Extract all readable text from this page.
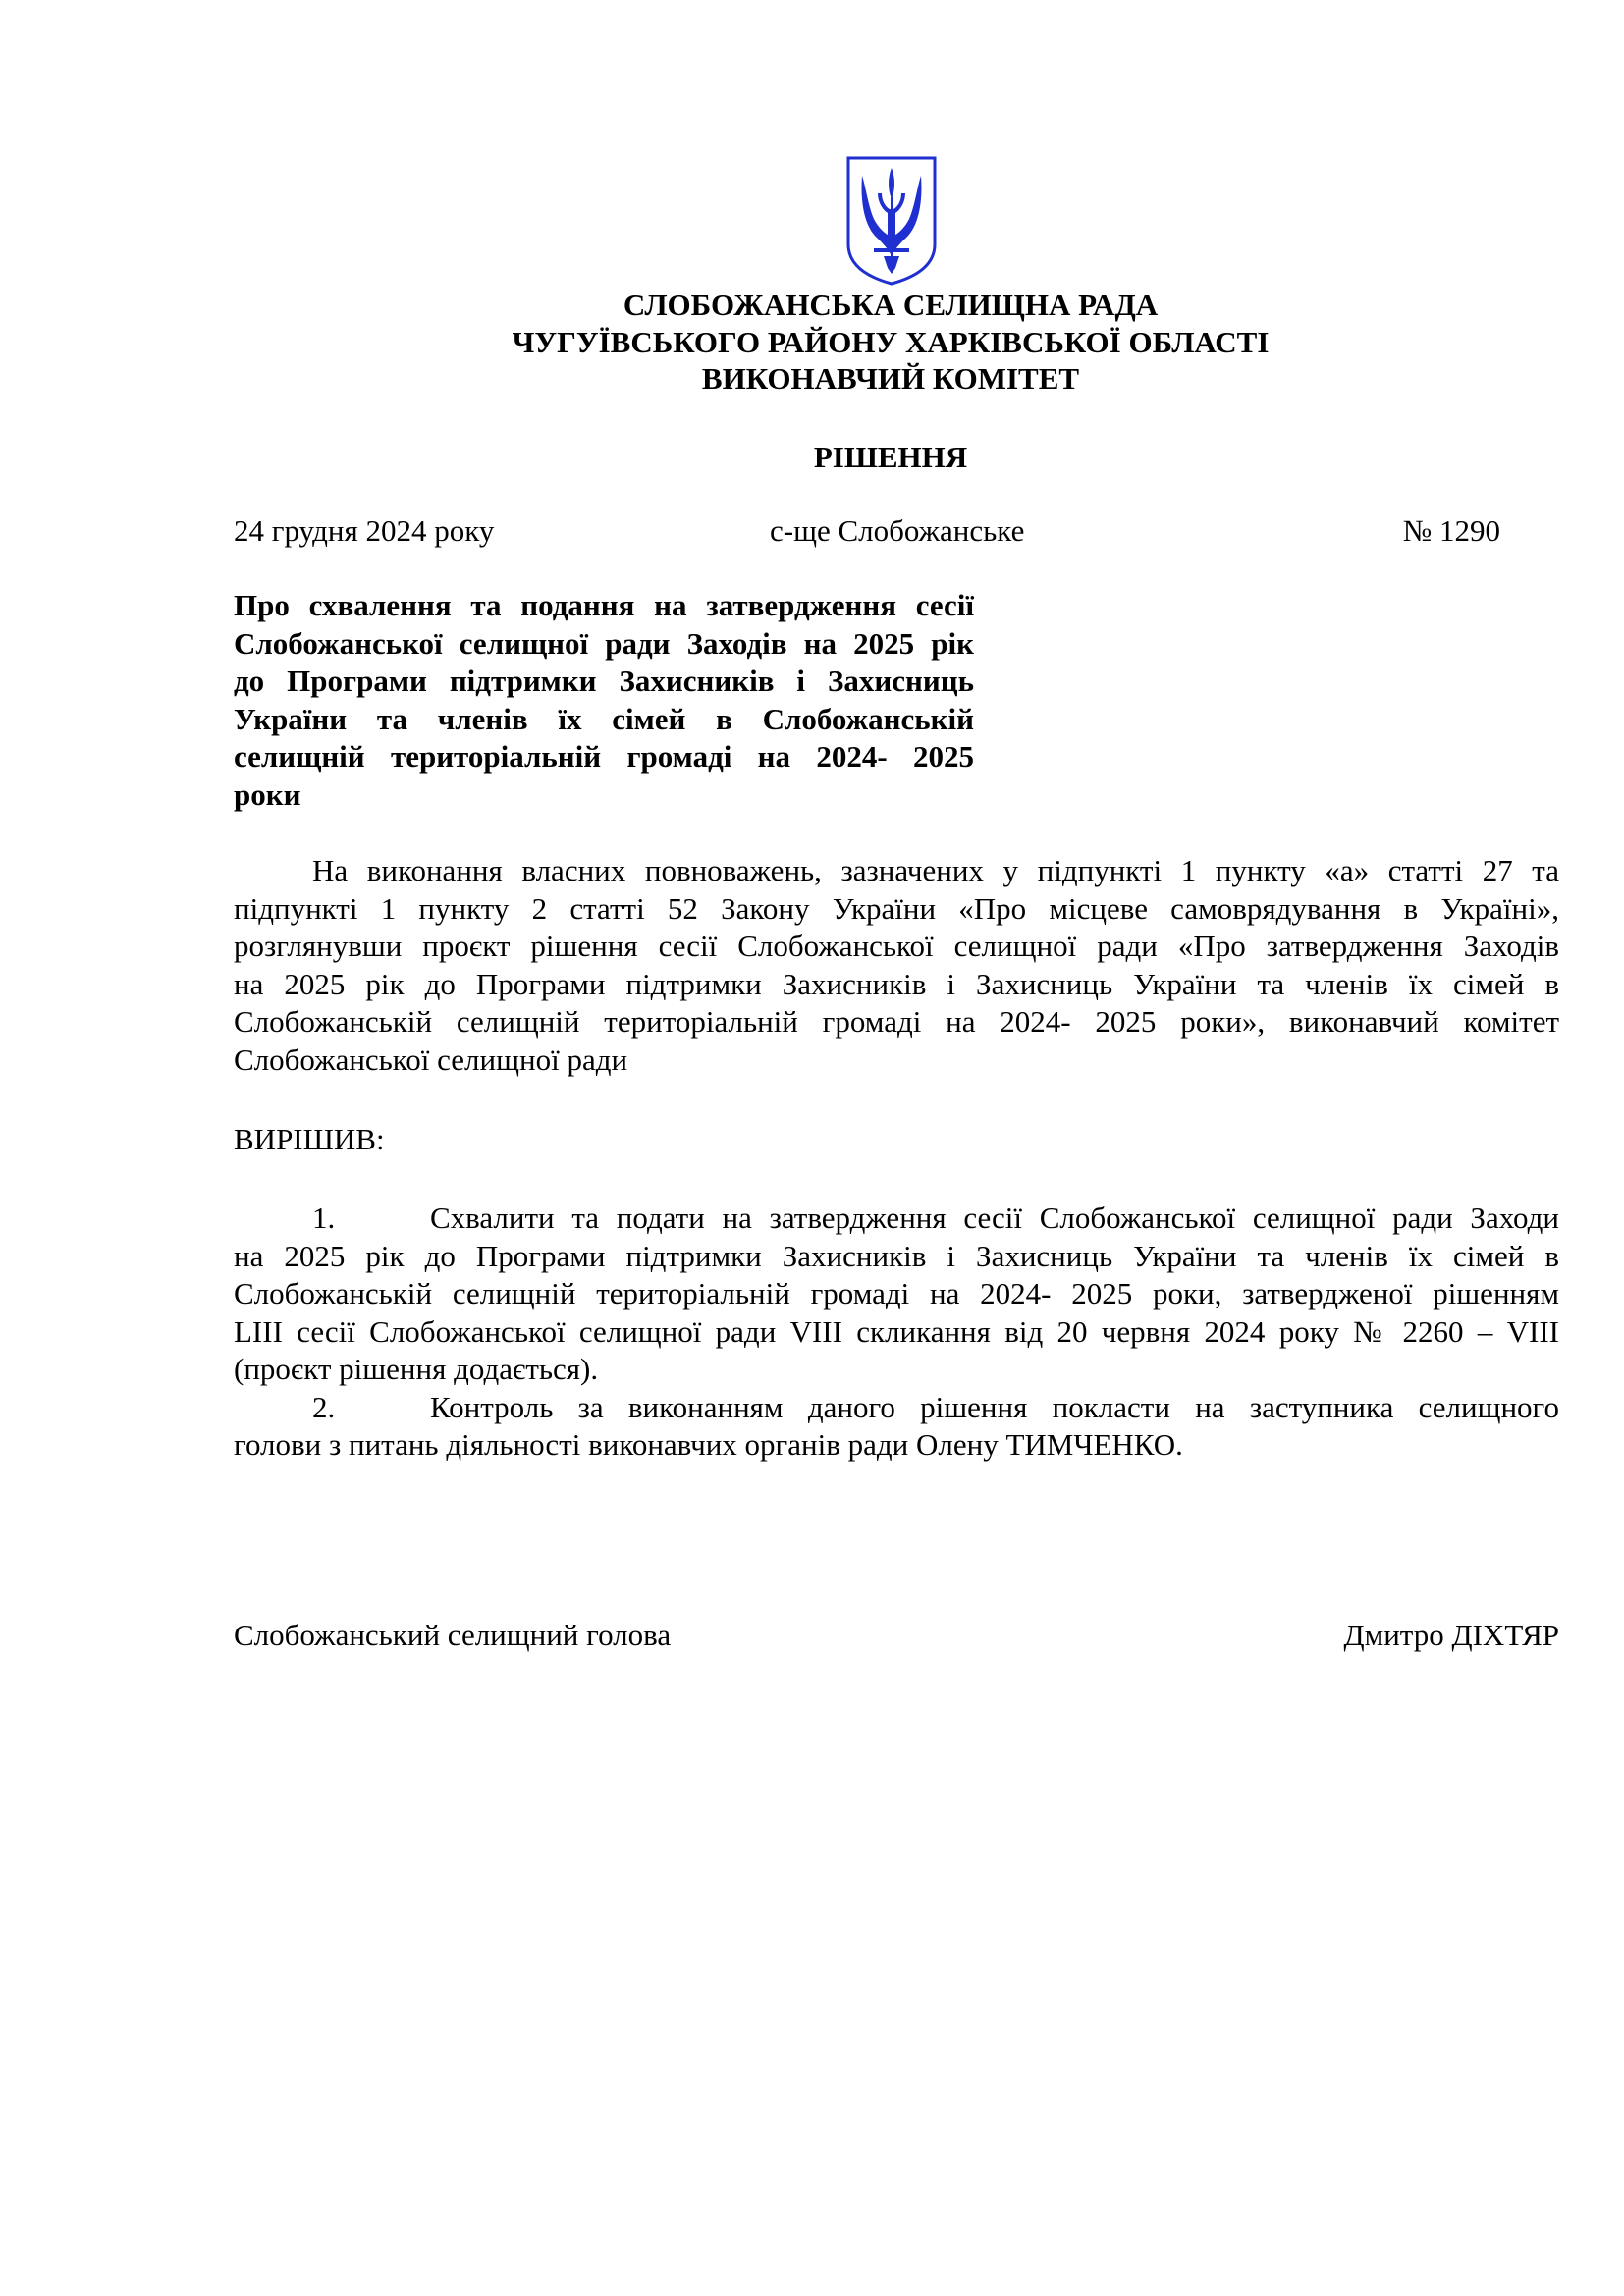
СЛОБОЖАНСЬКА СЕЛИЩНА РАДА
ЧУГУЇВСЬКОГО РАЙОНУ ХАРКІВСЬКОЇ ОБЛАСТІ
ВИКОНАВЧИЙ КОМІТЕТ
РІШЕННЯ
24 грудня 2024 року	с-ще Слобожанське	№ 1290
Про схвалення та подання на затвердження сесії
Слобожанської селищної ради Заходів на 2025 рік
до Програми підтримки Захисників і Захисниць
України та членів їх сімей в Слобожанській
селищній територіальній громаді на 2024- 2025
роки
На виконання власних повноважень, зазначених у підпункті 1 пункту «а» статті 27 та
підпункті 1 пункту 2 статті 52 Закону України «Про місцеве самоврядування в Україні»,
розглянувши проєкт рішення сесії Слобожанської селищної ради «Про затвердження Заходів
на 2025 рік до Програми підтримки Захисників і Захисниць України та членів їх сімей в
Слобожанській селищній територіальній громаді на 2024- 2025 роки», виконавчий комітет
Слобожанської селищної ради
ВИРІШИВ:
1.	Схвалити та подати на затвердження сесії Слобожанської селищної ради Заходи
на 2025 рік до Програми підтримки Захисників і Захисниць України та членів їх сімей в
Слобожанській селищній територіальній громаді на 2024- 2025 роки, затвердженої рішенням
LIII сесії Слобожанської селищної ради VIII скликання від 20 червня 2024 року № 2260 – VIII
(проєкт рішення додається).
2.	Контроль за виконанням даного рішення покласти на заступника селищного
голови з питань діяльності виконавчих органів ради Олену ТИМЧЕНКО.
Слобожанський селищний голова	Дмитро ДІХТЯР
